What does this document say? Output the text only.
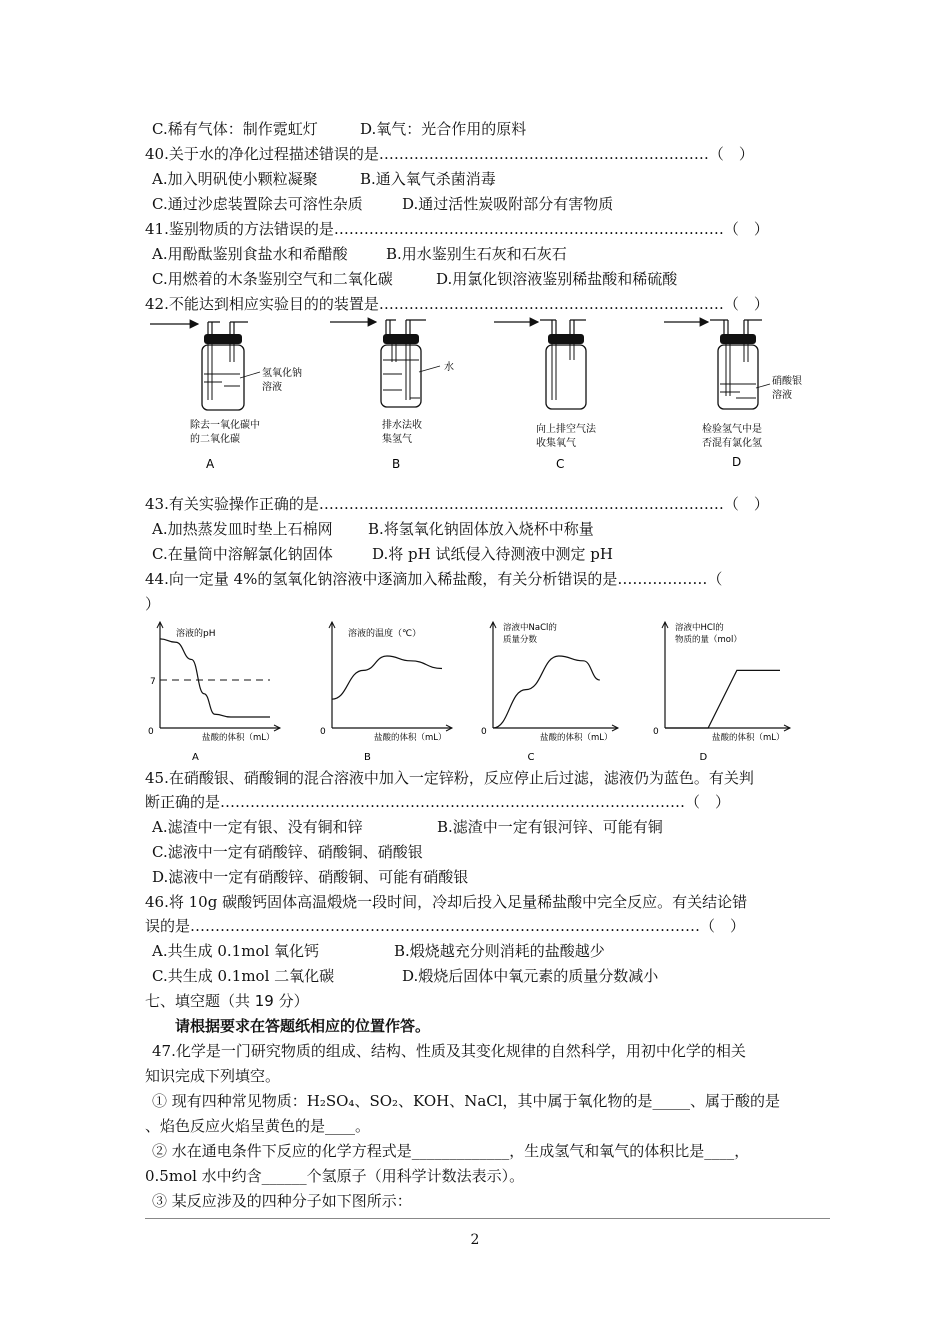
C.稀有气体：制作霓虹灯	D.氧气：光合作用的原料
40.关于水的净化过程描述错误的是…………………………………………………………（　）
A.加入明矾使小颗粒凝聚	B.通入氧气杀菌消毒
C.通过沙虑装置除去可溶性杂质	D.通过活性炭吸附部分有害物质
41.鉴别物质的方法错误的是……………………………………………………………………（　）
A.用酚酞鉴别食盐水和希醋酸	B.用水鉴别生石灰和石灰石
C.用燃着的木条鉴别空气和二氧化碳	D.用氯化钡溶液鉴别稀盐酸和稀硫酸
42.不能达到相应实验目的的装置是……………………………………………………………（　）
氢氧化钠
溶液
除去一氧化碳中
的二氧化碳
A
水
排水法收
集氢气
B
向上排空气法
收集氧气
C
硝酸银
溶液
检验氢气中是
否混有氯化氢
D
43.有关实验操作正确的是………………………………………………………………………（　）
A.加热蒸发皿时垫上石棉网 B.将氢氧化钠固体放入烧杯中称量
C.在量筒中溶解氯化钠固体	D.将 pH 试纸侵入待测液中测定 pH
44.向一定量 4%的氢氧化钠溶液中逐滴加入稀盐酸，有关分析错误的是………………（
）
0
溶液的pH
盐酸的体积（mL）
A
7
0
溶液的温度（℃）
盐酸的体积（mL）
B
0
溶液中NaCl的
质量分数
盐酸的体积（mL）
C
0
溶液中HCl的
物质的量（mol）
盐酸的体积（mL）
D
45.在硝酸银、硝酸铜的混合溶液中加入一定锌粉，反应停止后过滤，滤液仍为蓝色。有关判
断正确的是…………………………………………………………………………………（　）
A.滤渣中一定有银、没有铜和锌	B.滤渣中一定有银河锌、可能有铜
C.滤液中一定有硝酸锌、硝酸铜、硝酸银
D.滤液中一定有硝酸锌、硝酸铜、可能有硝酸银
46.将 10g 碳酸钙固体高温煅烧一段时间，冷却后投入足量稀盐酸中完全反应。有关结论错
误的是…………………………………………………………………………………………（　）
A.共生成 0.1mol 氧化钙	B.煅烧越充分则消耗的盐酸越少
C.共生成 0.1mol 二氧化碳	D.煅烧后固体中氧元素的质量分数减小
七、填空题（共 19 分）
请根据要求在答题纸相应的位置作答。
47.化学是一门研究物质的组成、结构、性质及其变化规律的自然科学，用初中化学的相关
知识完成下列填空。
① 现有四种常见物质：H₂SO₄、SO₂、KOH、NaCl，其中属于氧化物的是_____、属于酸的是
、焰色反应火焰呈黄色的是____。
② 水在通电条件下反应的化学方程式是_____________，生成氢气和氧气的体积比是____，
0.5mol 水中约含______个氢原子（用科学计数法表示）。
③ 某反应涉及的四种分子如下图所示：
2
